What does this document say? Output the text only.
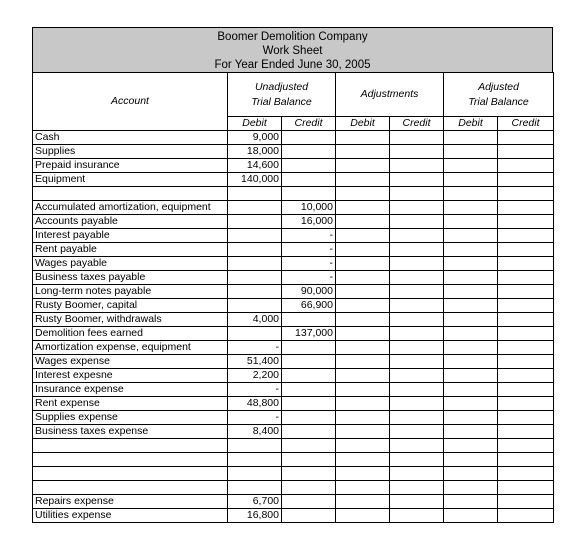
Boomer Demolition Company
Work Sheet
For Year Ended June 30, 2005
Account	Unadjusted
Trial Balance		Adjustments		Adjusted
Trial Balance	

	Debit	Credit	Debit	Credit	Debit	Credit
Cash	9,000					
Supplies	18,000					
Prepaid insurance	14,600					
Equipment	140,000					

Accumulated amortization, equipment		10,000				
Accounts payable		16,000				
Interest payable		-				
Rent payable		-				
Wages payable		-				
Business taxes payable		-				
Long-term notes payable		90,000				
Rusty Boomer, capital		66,900				
Rusty Boomer, withdrawals	4,000					
Demolition fees earned		137,000				
Amortization expense, equipment	-					
Wages expense	51,400					
Interest expesne	2,200					
Insurance expense	-					
Rent expense	48,800					
Supplies expense	-					
Business taxes expense	8,400					

Repairs expense	6,700					
Utilities expense	16,800					
